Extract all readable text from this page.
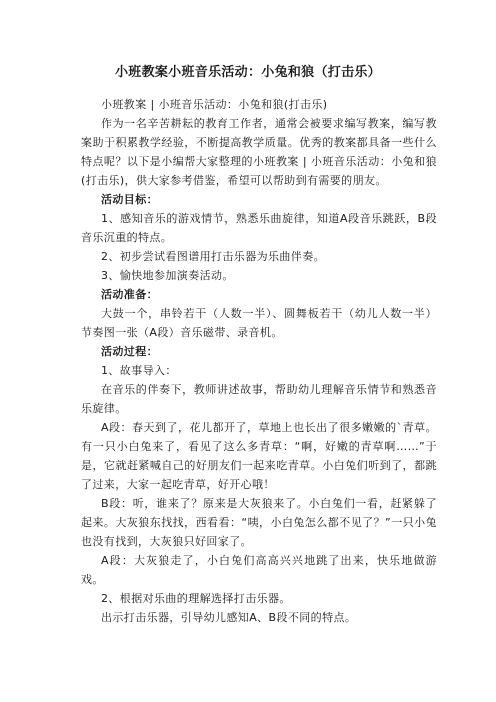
小班教案小班音乐活动：小兔和狼（打击乐）

小班教案 | 小班音乐活动：小兔和狼(打击乐)

作为一名辛苦耕耘的教育工作者，通常会被要求编写教案，编写教案助于积累教学经验，不断提高教学质量。优秀的教案都具备一些什么特点呢？以下是小编帮大家整理的小班教案 | 小班音乐活动：小兔和狼(打击乐)，供大家参考借鉴，希望可以帮助到有需要的朋友。

活动目标：

1、感知音乐的游戏情节，熟悉乐曲旋律，知道A段音乐跳跃，B段音乐沉重的特点。

2、初步尝试看图谱用打击乐器为乐曲伴奏。

3、愉快地参加演奏活动。

活动准备：

大鼓一个，串铃若干（人数一半）、圆舞板若干（幼儿人数一半）节奏图一张（A段）音乐磁带、录音机。

活动过程：

1、故事导入：

在音乐的伴奏下，教师讲述故事，帮助幼儿理解音乐情节和熟悉音乐旋律。

A段：春天到了，花儿都开了，草地上也长出了很多嫩嫩的`青草。有一只小白兔来了，看见了这么多青草：“啊，好嫩的青草啊……”于是，它就赶紧喊自己的好朋友们一起来吃青草。小白兔们听到了，都跳了过来，大家一起吃青草，好开心哦！

B段：听，谁来了？原来是大灰狼来了。小白兔们一看，赶紧躲了起来。大灰狼东找找，西看看：“咦，小白兔怎么都不见了？”一只小兔也没有找到，大灰狼只好回家了。

A段：大灰狼走了，小白兔们高高兴兴地跳了出来，快乐地做游戏。

2、根据对乐曲的理解选择打击乐器。

出示打击乐器，引导幼儿感知A、B段不同的特点。
